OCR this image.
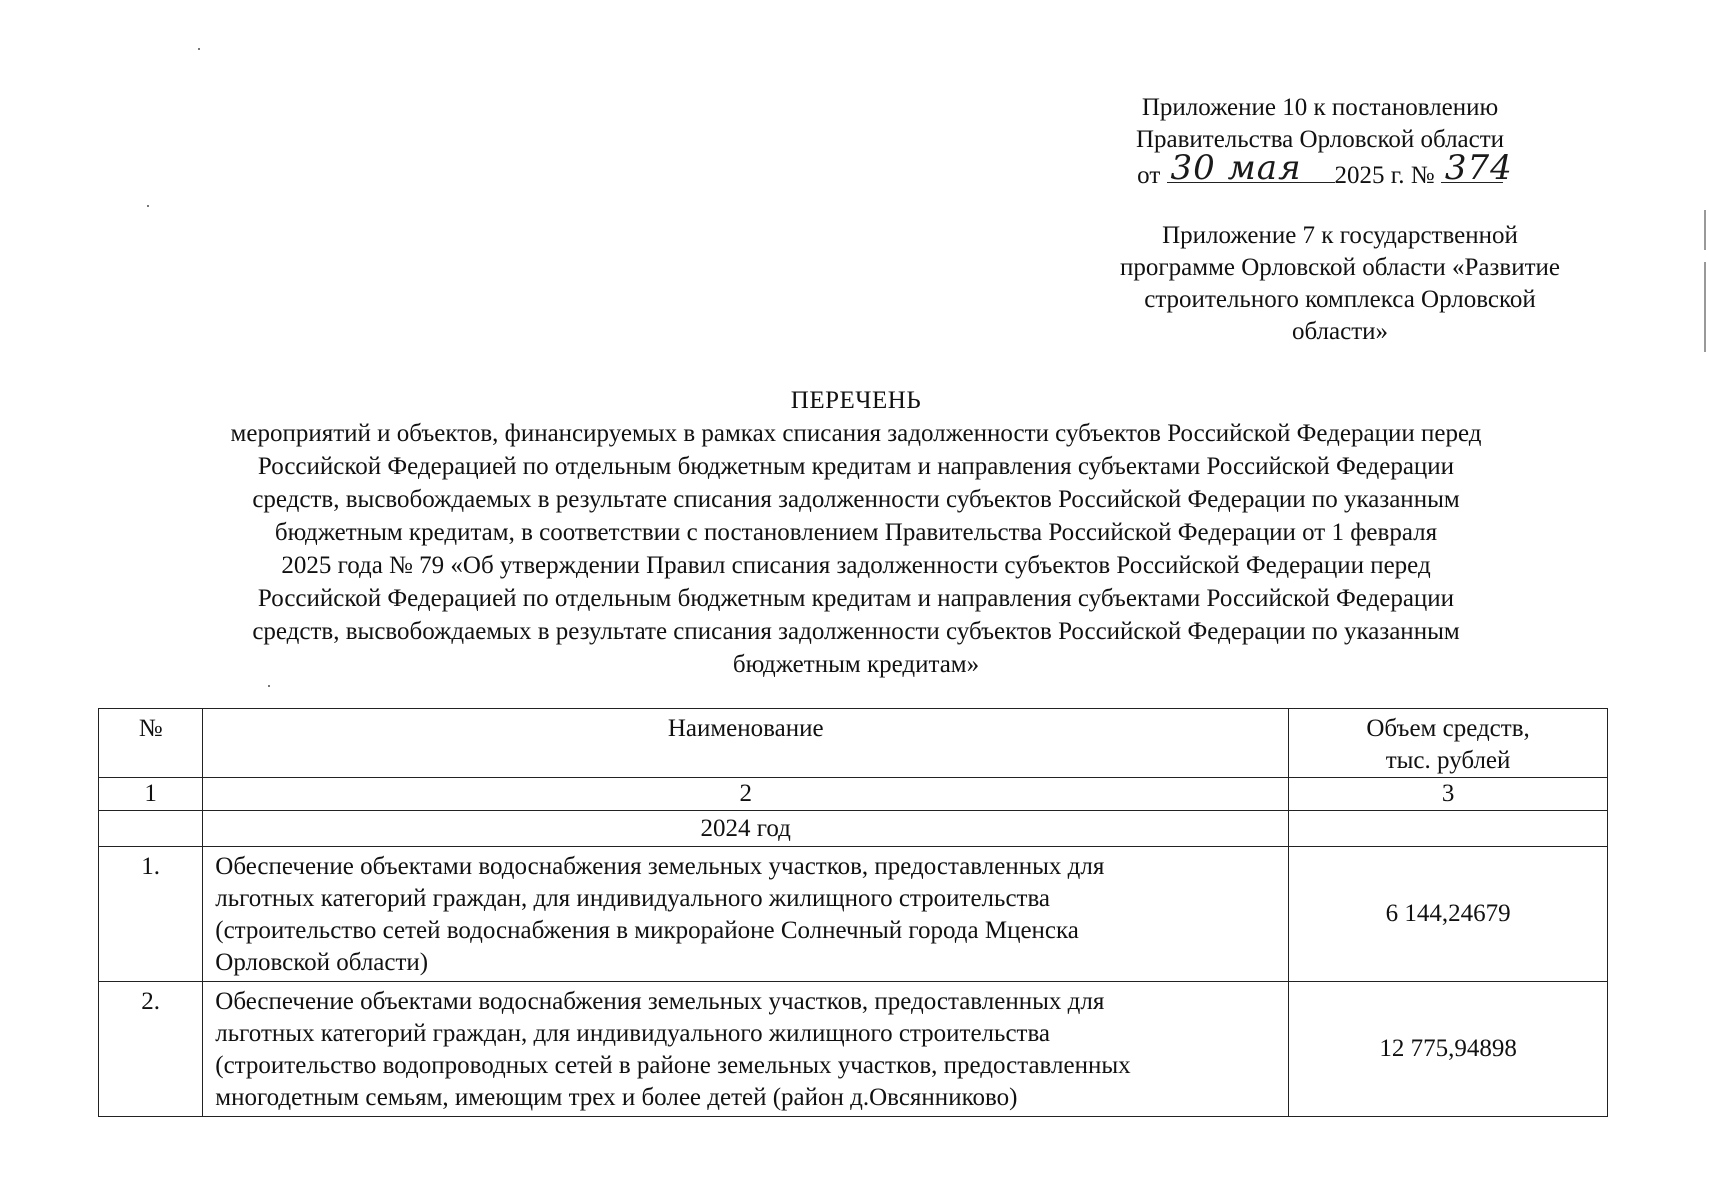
Приложение 10 к постановлению
Правительства Орловской области
от 30 мая 2025 г. № 374
Приложение 7 к государственной
программе Орловской области «Развитие
строительного комплекса Орловской
области»
ПЕРЕЧЕНЬ
мероприятий и объектов, финансируемых в рамках списания задолженности субъектов Российской Федерации перед
Российской Федерацией по отдельным бюджетным кредитам и направления субъектами Российской Федерации
средств, высвобождаемых в результате списания задолженности субъектов Российской Федерации по указанным
бюджетным кредитам, в соответствии с постановлением Правительства Российской Федерации от 1 февраля
2025 года № 79 «Об утверждении Правил списания задолженности субъектов Российской Федерации перед
Российской Федерацией по отдельным бюджетным кредитам и направления субъектами Российской Федерации
средств, высвобождаемых в результате списания задолженности субъектов Российской Федерации по указанным
бюджетным кредитам»
№	Наименование	Объем средств,
тыс. рублей

1	2	3
	2024 год	
1.	Обеспечение объектами водоснабжения земельных участков, предоставленных для
льготных категорий граждан, для индивидуального жилищного строительства
(строительство сетей водоснабжения в микрорайоне Солнечный города Мценска
Орловской области)	6 144,24679
2.	Обеспечение объектами водоснабжения земельных участков, предоставленных для
льготных категорий граждан, для индивидуального жилищного строительства
(строительство водопроводных сетей в районе земельных участков, предоставленных
многодетным семьям, имеющим трех и более детей (район д.Овсянниково)	12 775,94898
